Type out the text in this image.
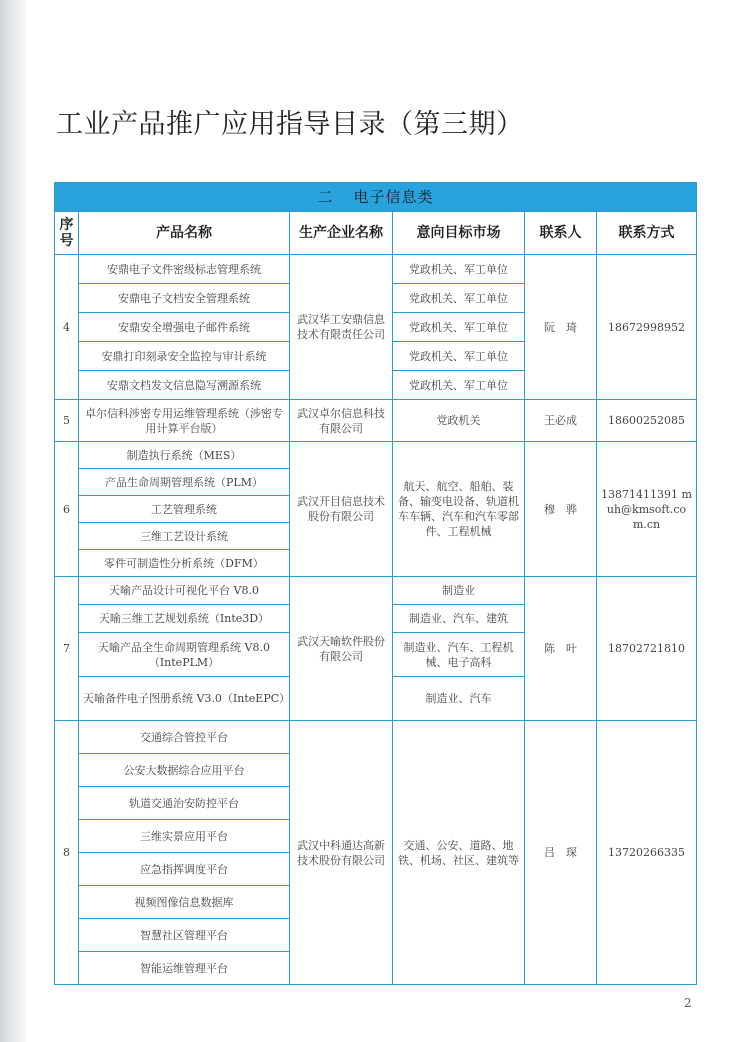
工业产品推广应用指导目录（第三期）
二 电子信息类					
序号	产品名称	生产企业名称	意向目标市场	联系人	联系方式
4	安鼎电子文件密级标志管理系统	武汉华工安鼎信息技术有限责任公司	党政机关、军工单位	阮　琦	18672998952
	安鼎电子文档安全管理系统		党政机关、军工单位		
	安鼎安全增强电子邮件系统		党政机关、军工单位		
	安鼎打印刻录安全监控与审计系统		党政机关、军工单位		
	安鼎文档发文信息隐写溯源系统		党政机关、军工单位		
5	卓尔信科涉密专用运维管理系统（涉密专用计算平台版）	武汉卓尔信息科技有限公司	党政机关	王必成	18600252085
6	制造执行系统（MES）	武汉开目信息技术股份有限公司	航天、航空、船舶、装备、输变电设备、轨道机车车辆、汽车和汽车零部件、工程机械	穆　骅	13871411391 muh@kmsoft.com.cn
	产品生命周期管理系统（PLM）				
	工艺管理系统				
	三维工艺设计系统				
	零件可制造性分析系统（DFM）				
7	天喻产品设计可视化平台 V8.0	武汉天喻软件股份有限公司	制造业	陈　叶	18702721810
	天喻三维工艺规划系统（Inte3D）		制造业、汽车、建筑		
	天喻产品全生命周期管理系统 V8.0（IntePLM）		制造业、汽车、工程机械、电子高科		
	天喻备件电子图册系统 V3.0（InteEPC）		制造业、汽车		
8	交通综合管控平台	武汉中科通达高新技术股份有限公司	交通、公安、道路、地铁、机场、社区、建筑等	吕　琛	13720266335
	公安大数据综合应用平台				
	轨道交通治安防控平台				
	三维实景应用平台				
	应急指挥调度平台				
	视频图像信息数据库				
	智慧社区管理平台				
	智能运维管理平台				
2
